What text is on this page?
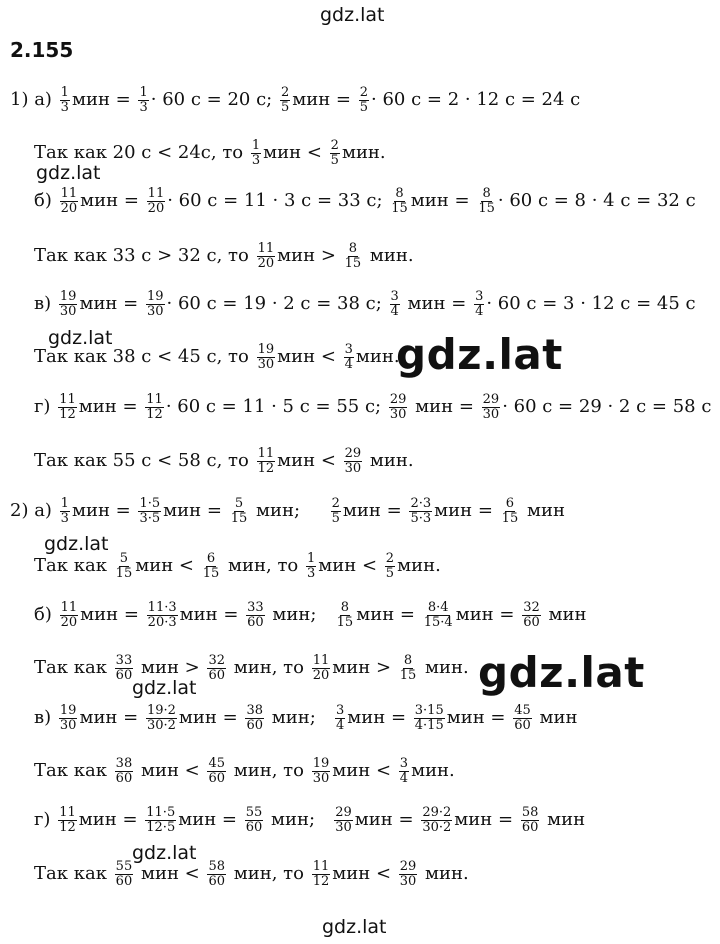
gdz.lat
gdz.lat
gdz.lat
gdz.lat
gdz.lat
gdz.lat
gdz.lat
gdz.lat
gdz.lat
2.155
1) $а) \frac{1}{3}$ мин = $\frac{1}{3} \cdot 60$ с = 20 с; $\frac{2}{5}$ мин = $\frac{2}{5} \cdot 60$ с = 2 · 12 с = 24 с
Так как 20 с < 24с, то $\frac{1}{3}$ мин < $\frac{2}{5}$ мин.
$б) \frac{11}{20}$ мин = $\frac{11}{20} \cdot 60$ с = 11 · 3 с = 33 с; $\frac{8}{15}$ мин = $\frac{8}{15} \cdot 60$ с = 8 · 4 с = 32 с
Так как 33 с > 32 с, то $\frac{11}{20}$ мин > $\frac{8}{15}$ мин.
$в) \frac{19}{30}$ мин = $\frac{19}{30} \cdot 60$ с = 19 · 2 с = 38 с; $\frac{3}{4}$ мин = $\frac{3}{4} \cdot 60$ с = 3 · 12 с = 45 с
Так как 38 с < 45 с, то $\frac{19}{30}$ мин < $\frac{3}{4}$ мин.
$г) \frac{11}{12}$ мин = $\frac{11}{12} \cdot 60$ с = 11 · 5 с = 55 с; $\frac{29}{30}$ мин = $\frac{29}{30} \cdot 60$ с = 29 · 2 с = 58 с
Так как 55 с < 58 с, то $\frac{11}{12}$ мин < $\frac{29}{30}$ мин.
2) $а) \frac{1}{3}$ мин = $\frac{1\cdot 5}{3\cdot 5}$ мин = $\frac{5}{15}$ мин; $\frac{2}{5}$ мин = $\frac{2\cdot 3}{5\cdot 3}$ мин = $\frac{6}{15}$ мин
Так как $\frac{5}{15}$ мин < $\frac{6}{15}$ мин, то $\frac{1}{3}$ мин < $\frac{2}{5}$ мин.
$б) \frac{11}{20}$ мин = $\frac{11\cdot 3}{20\cdot 3}$ мин = $\frac{33}{60}$ мин; $\frac{8}{15}$ мин = $\frac{8\cdot 4}{15\cdot 4}$ мин = $\frac{32}{60}$ мин
Так как $\frac{33}{60}$ мин > $\frac{32}{60}$ мин, то $\frac{11}{20}$ мин > $\frac{8}{15}$ мин.
$в) \frac{19}{30}$ мин = $\frac{19\cdot 2}{30\cdot 2}$ мин = $\frac{38}{60}$ мин; $\frac{3}{4}$ мин = $\frac{3\cdot 15}{4\cdot 15}$ мин = $\frac{45}{60}$ мин
Так как $\frac{38}{60}$ мин < $\frac{45}{60}$ мин, то $\frac{19}{30}$ мин < $\frac{3}{4}$ мин.
$г) \frac{11}{12}$ мин = $\frac{11\cdot 5}{12\cdot 5}$ мин = $\frac{55}{60}$ мин; $\frac{29}{30}$ мин = $\frac{29\cdot 2}{30\cdot 2}$ мин = $\frac{58}{60}$ мин
Так как $\frac{55}{60}$ мин < $\frac{58}{60}$ мин, то $\frac{11}{12}$ мин < $\frac{29}{30}$ мин.
